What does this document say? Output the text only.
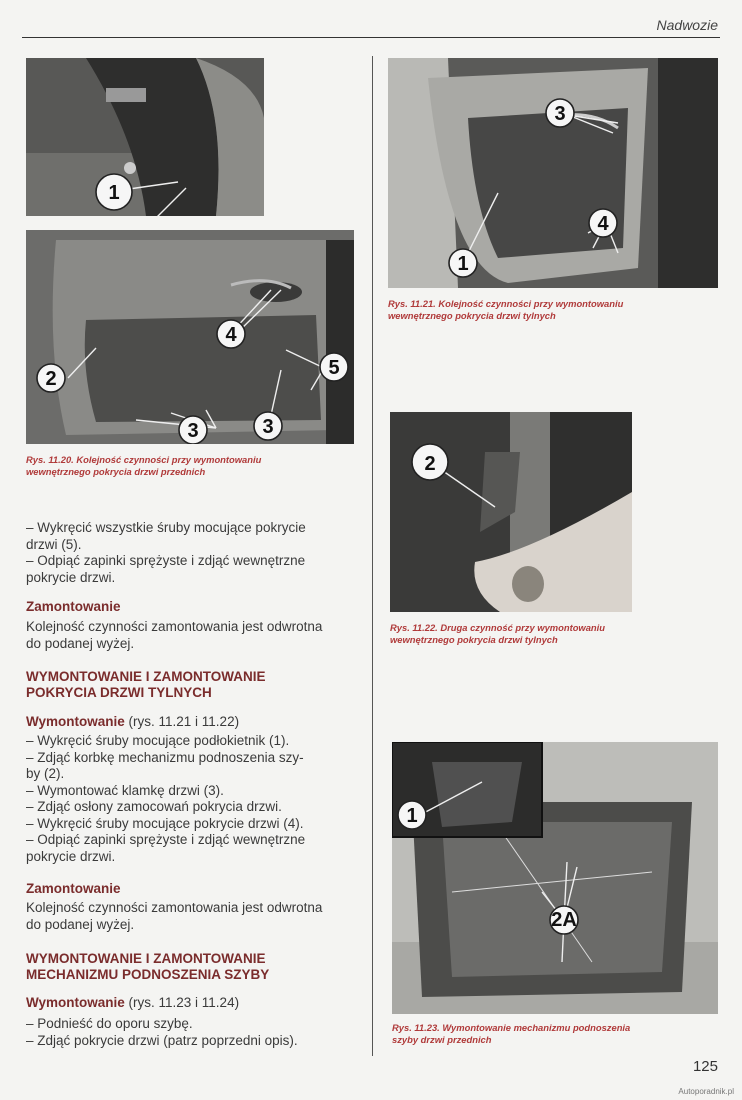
Nadwozie
1
4
2	5
3	3
Rys. 11.20. Kolejność czynności przy wymontowaniu
wewnętrznego pokrycia drzwi przednich
– Wykręcić wszystkie śruby mocujące pokrycie
drzwi (5).
– Odpiąć zapinki sprężyste i zdjąć wewnętrzne
pokrycie drzwi.
Zamontowanie
Kolejność czynności zamontowania jest odwrotna
do podanej wyżej.
WYMONTOWANIE I ZAMONTOWANIE
POKRYCIA DRZWI TYLNYCH
Wymontowanie (rys. 11.21 i 11.22)
– Wykręcić śruby mocujące podłokietnik (1).
– Zdjąć korbkę mechanizmu podnoszenia szy-
by (2).
– Wymontować klamkę drzwi (3).
– Zdjąć osłony zamocowań pokrycia drzwi.
– Wykręcić śruby mocujące pokrycie drzwi (4).
– Odpiąć zapinki sprężyste i zdjąć wewnętrzne
pokrycie drzwi.
Zamontowanie
Kolejność czynności zamontowania jest odwrotna
do podanej wyżej.
WYMONTOWANIE I ZAMONTOWANIE
MECHANIZMU PODNOSZENIA SZYBY
Wymontowanie (rys. 11.23 i 11.24)
– Podnieść do oporu szybę.
– Zdjąć pokrycie drzwi (patrz poprzedni opis).
3
4
1
Rys. 11.21. Kolejność czynności przy wymontowaniu
wewnętrznego pokrycia drzwi tylnych
2
Rys. 11.22. Druga czynność przy wymontowaniu
wewnętrznego pokrycia drzwi tylnych
1
2A
Rys. 11.23. Wymontowanie mechanizmu podnoszenia
szyby drzwi przednich
125
Autoporadnik.pl
